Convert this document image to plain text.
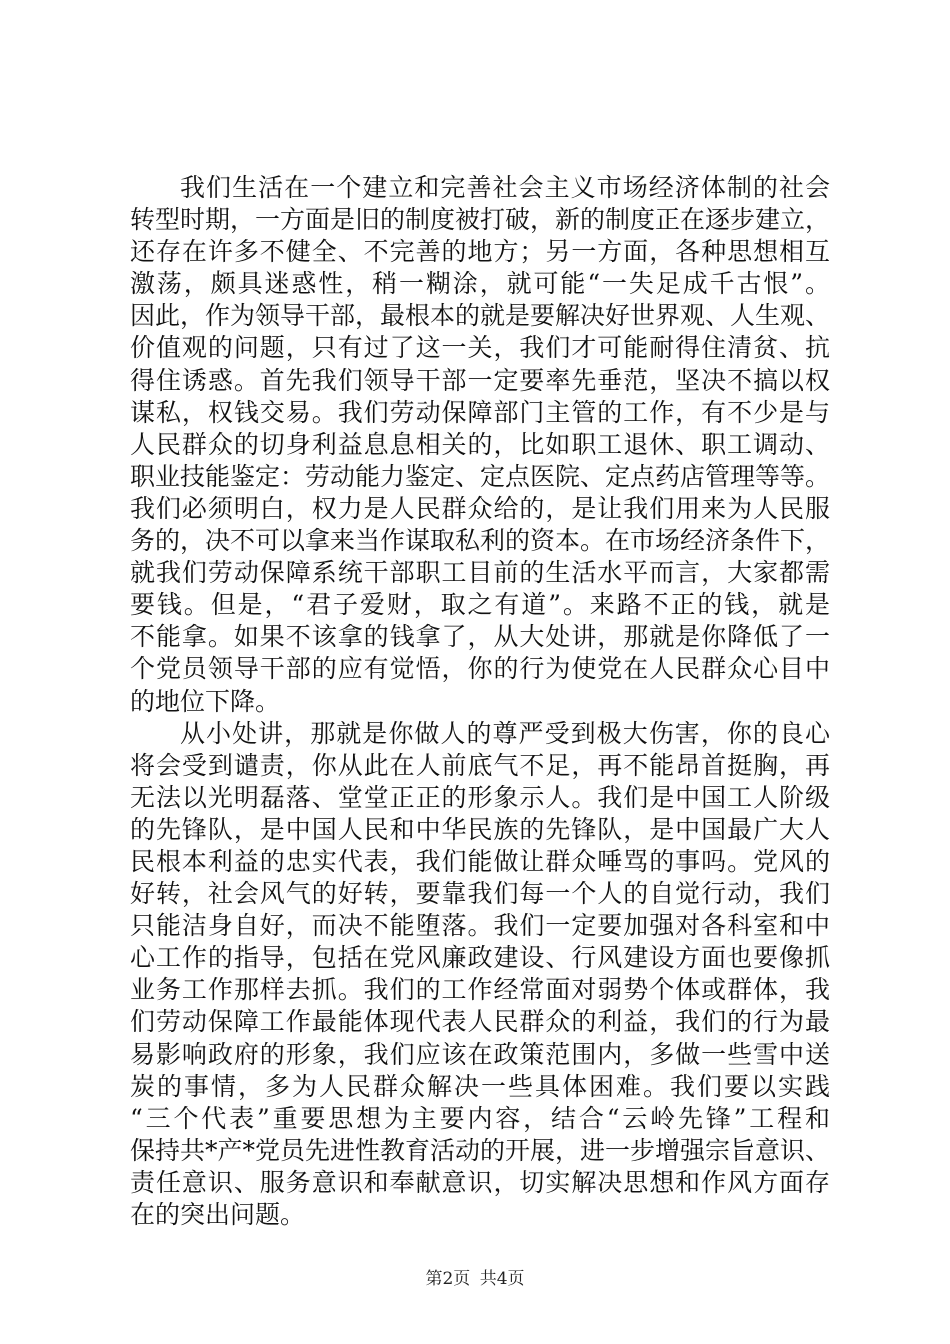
我们生活在一个建立和完善社会主义市场经济体制的社会
转型时期，一方面是旧的制度被打破，新的制度正在逐步建立，
还存在许多不健全、不完善的地方；另一方面，各种思想相互
激荡，颇具迷惑性，稍一糊涂，就可能“一失足成千古恨”。
因此，作为领导干部，最根本的就是要解决好世界观、人生观、
价值观的问题，只有过了这一关，我们才可能耐得住清贫、抗
得住诱惑。首先我们领导干部一定要率先垂范，坚决不搞以权
谋私，权钱交易。我们劳动保障部门主管的工作，有不少是与
人民群众的切身利益息息相关的，比如职工退休、职工调动、
职业技能鉴定：劳动能力鉴定、定点医院、定点药店管理等等。
我们必须明白，权力是人民群众给的，是让我们用来为人民服
务的，决不可以拿来当作谋取私利的资本。在市场经济条件下，
就我们劳动保障系统干部职工目前的生活水平而言，大家都需
要钱。但是，“君子爱财，取之有道”。来路不正的钱，就是
不能拿。如果不该拿的钱拿了，从大处讲，那就是你降低了一
个党员领导干部的应有觉悟，你的行为使党在人民群众心目中
的地位下降。
从小处讲，那就是你做人的尊严受到极大伤害，你的良心
将会受到谴责，你从此在人前底气不足，再不能昂首挺胸，再
无法以光明磊落、堂堂正正的形象示人。我们是中国工人阶级
的先锋队，是中国人民和中华民族的先锋队，是中国最广大人
民根本利益的忠实代表，我们能做让群众唾骂的事吗。党风的
好转，社会风气的好转，要靠我们每一个人的自觉行动，我们
只能洁身自好，而决不能堕落。我们一定要加强对各科室和中
心工作的指导，包括在党风廉政建设、行风建设方面也要像抓
业务工作那样去抓。我们的工作经常面对弱势个体或群体，我
们劳动保障工作最能体现代表人民群众的利益，我们的行为最
易影响政府的形象，我们应该在政策范围内，多做一些雪中送
炭的事情，多为人民群众解决一些具体困难。我们要以实践
“三个代表”重要思想为主要内容，结合“云岭先锋”工程和
保持共*产*党员先进性教育活动的开展，进一步增强宗旨意识、
责任意识、服务意识和奉献意识，切实解决思想和作风方面存
在的突出问题。
第2页 共4页
